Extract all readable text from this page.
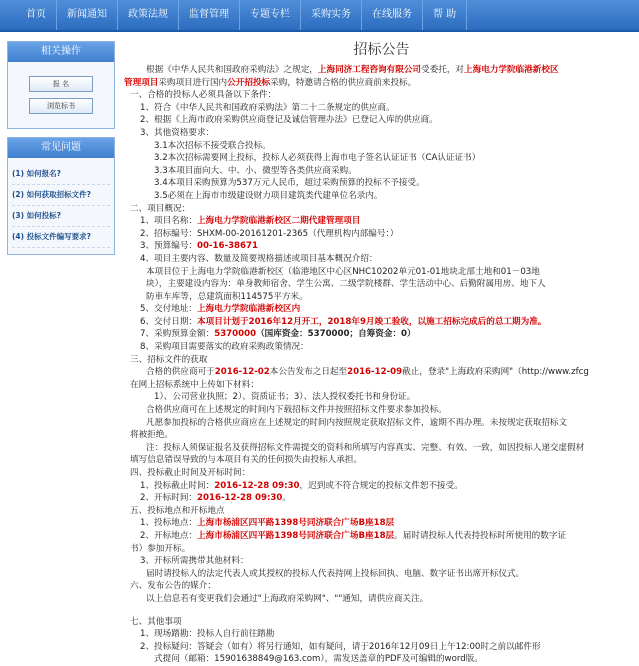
首页	新闻通知	政策法规	监督管理	专题专栏	采购实务	在线服务	帮 助
相关操作
报 名
浏览标书
常见问题
(1) 如何报名?
(2) 如何获取招标文件?
(3) 如何投标?
(4) 投标文件编写要求?
招标公告
根据《中华人民共和国政府采购法》之规定，上海同济工程咨询有限公司受委托，对上海电力学院临港新校区
管理项目采购项目进行国内公开招投标采购，特邀请合格的供应商前来投标。
一、合格的投标人必须具备以下条件：
1、符合《中华人民共和国政府采购法》第二十二条规定的供应商。
2、根据《上海市政府采购供应商登记及诚信管理办法》已登记入库的供应商。
3、其他资格要求：
3.1本次招标不接受联合投标。
3.2本次招标需要网上投标，投标人必须获得上海市电子签名认证证书（CA认证证书）
3.3本项目面向大、中、小、微型等各类供应商采购。
3.4本项目采购预算为537万元人民币，超过采购预算的投标不予接受。
3.5必须在上海市市级建设财力项目建筑类代建单位名录内。
二、项目概况：
1、项目名称：上海电力学院临港新校区二期代建管理项目
2、招标编号：SHXM-00-20161201-2365（代理机构内部编号：）
3、预算编号：00-16-38671
4、项目主要内容、数量及简要规格描述或项目基本概况介绍：
本项目位于上海电力学院临港新校区（临港地区中心区NHC10202单元01-01地块北部土地和01－03地
块），主要建设内容为：单身教师宿舍、学生公寓、二级学院楼群、学生活动中心、后勤附属用房、地下人
防車车库等，总建筑面积114575平方米。
5、交付地址：上海电力学院临港新校区内
6、交付日期：本项目计划于2016年12月开工，2018年9月竣工验收，以施工招标完成后的总工期为准。
7、采购预算金额：5370000（国库资金：5370000；自筹资金：0）
8、采购项目需要落实的政府采购政策情况：
三、招标文件的获取
合格的供应商可于2016-12-02本公告发布之日起至2016-12-09截止，登录"上海政府采购网"（http://www.zfcg
在网上招标系统中上传如下材料：
1）、公司营业执照；2）、资质证书；3）、法人授权委托书和身份证。
合格供应商可在上述规定的时间内下载招标文件并按照招标文件要求参加投标。
凡愿参加投标的合格供应商应在上述规定的时间内按照规定获取招标文件，逾期不再办理。未按规定获取招标文
将被拒绝。
注：投标人须保证报名及获得招标文件需提交的资料和所填写内容真实、完整、有效、一致，如因投标人递交虚假材
填写信息错误导致的与本项目有关的任何损失由投标人承担。
四、投标截止时间及开标时间：
1、投标截止时间：2016-12-28 09:30，迟到或不符合规定的投标文件恕不接受。
2、开标时间：2016-12-28 09:30。
五、投标地点和开标地点
1、投标地点：上海市杨浦区四平路1398号同济联合广场B座18层
2、开标地点：上海市杨浦区四平路1398号同济联合广场B座18层。届时请投标人代表持投标时所使用的数字证
书）参加开标。
3、开标所需携带其他材料：
届时请投标人的法定代表人或其授权的投标人代表持网上投标回执、电脑、数字证书出席开标仪式。
六、发布公告的媒介：
以上信息若有变更我们会通过"上海政府采购网"、""通知，请供应商关注。
七、其他事项
1、现场踏勘：投标人自行前往踏勘
2、投标疑问：答疑会（如有）将另行通知，如有疑问，请于2016年12月09日上午12:00时之前以邮件形
式提问（邮箱：15901638849@163.com），需发送盖章的PDF及可编辑的word版。
